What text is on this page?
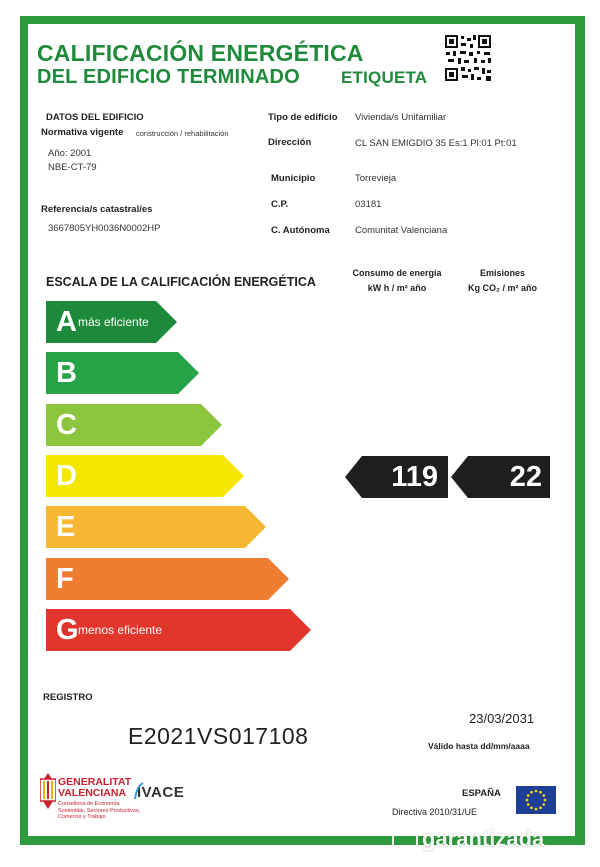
CALIFICACIÓN ENERGÉTICA
DEL EDIFICIO TERMINADO ETIQUETA
DATOS DEL EDIFICIO
Normativa vigente construcción / rehabilitación
Año: 2001
NBE-CT-79
Referencia/s catastral/es
3667805YH0036N0002HP
Tipo de edificio Vivienda/s Unifamiliar
Dirección	CL SAN EMIGDIO 35 Es:1 Pl:01 Pt:01
Municipio	Torrevieja
C.P.	03181
C. Autónoma	Comunitat Valenciana
ESCALA DE LA CALIFICACIÓN ENERGÉTICA
Consumo de energía
kW h / m² año
Emisiones
Kg CO₂ / m² año
A más eficiente
B
C
D
E
F
G menos eficiente
119 22
REGISTRO
E2021VS017108
23/03/2031
Válido hasta dd/mm/aaaa
GENERALITAT
VALENCIANA
Conselleria de Economía
Sostenible, Sectores Productivos,
Comercio y Trabajo
IVACE	ESPAÑA
Directiva 2010/31/UE
garantizada
